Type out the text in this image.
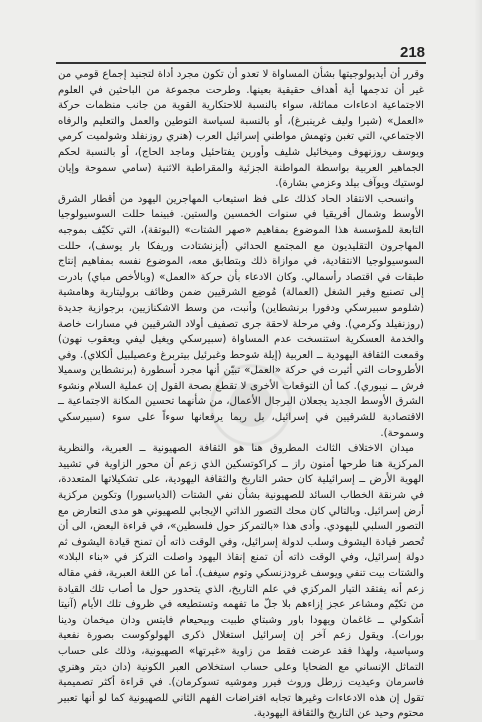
218

وقرر أن أيديولوجيتها بشأن المساواة لا تعدو أن تكون مجرد أداة لتجنيد إجماع قومي من غير أن تدجمها أية أهداف حقيقية بعينها. وطرحت مجموعة من الباحثين في العلوم الاجتماعية ادعاءات مماثلة، سواء بالنسبة للاحتكارية القوية من جانب منظمات حركة «العمل» (شيرا وليف غرينبرغ)، أو بالنسبة لسياسة التوطين والعمل والتعليم والرفاه الاجتماعي، التي تغبن وتهمش مواطني إسرائيل العرب (هنري روزنفلد وشولميت كرمي ويوسف روزنهوف وميخائيل شليف وأورين يفتاحئيل وماجد الحاج)، أو بالنسبة لحكم الجماهير العربية بواسطة المواطنة الجزئية والمقراطية الاثنية (سامي سموحة وإيان لوستيك ويوآف بيلد وعزمي بشارة).

وانسحب الانتقاد الحاد كذلك على فظ استيعاب المهاجرين اليهود من أقطار الشرق الأوسط وشمال أفريقيا في سنوات الخمسين والستين. فبينما حللت السوسيولوجيا التابعة للمؤسسة هذا الموضوع بمفاهيم «صهر الشتات» (البوتقة)، التي تكيّف بموجبه المهاجرون التقليديون مع المجتمع الحداثي (أيزنشتادت وريفكا بار يوسف)، حللت السوسيولوجيا الانتقادية، في موازاة ذلك وبتطابق معه، الموضوع نفسه بمفاهيم إنتاج طبقات في اقتصاد رأسمالي. وكان الادعاء بأن حركة «العمل» (وبالأخص مباي) بادرت إلى تصنيع وفير الشغل (العمالة) مُوضِع الشرقيين ضمن وظائف بروليتارية وهامشية (شلومو سبيرسكي ودفورا برنشطاين) وأنبت، من وسط الاشكنازيين، برجوازية جديدة (روزنفيلد وكرمي). وفي مرحلة لاحقة جرى تصفيف أولاد الشرقيين في مسارات خاصة والخدمة العسكرية استنسخت عدم المساواة (سبيرسكي ويغيل ليفي ويعقوب نهون) وقمعت الثقافة اليهودية ــ العربية (إيلة شوحط وغبرئيل بيتربرغ وعصيلبيل ألكلاي). وفي الأطروحات التي أثيرت في حركة «العمل» تبيّن أنها مجرد أسطورة (برنشطاين وسميلا فرش ــ نيبوري). كما أن التوقعات الأخرى لا تقطع بصحة القول إن عملية السلام ونشوء الشرق الأوسط الجديد يجعلان البرجال الأعمال، من شأنهما تحسين المكانة الاجتماعية ــ الاقتصادية للشرقيين في إسرائيل، بل ربما يرفعانها سوءاً على سوء (سبيرسكي وسموحة).

ميدان الاختلاف الثالث المطروق هنا هو الثقافة الصهيونية ــ العبرية، والنظرية المركزية هنا طرحها أمنون راز ــ كراكوتسكين الذي زعم أن محور الزاوية في تشييد الهوية الأرض ــ إسرائيلية كان حشر التاريخ والثقافة اليهودية، على تشكيلاتها المتعددة، في شرنقة الخطاب السائد للصهيونية بشأن نفي الشتات (الدياسبورا) وتكوين مركزية أرض إسرائيل. وبالتالي كان محك التصور الذاتي الإيجابي للصهيوني هو مدى التعارض مع التصور السلبي لليهودي. وأدى هذا «بالتمركز حول فلسطين»، في قراءة البعض، الى أن تُحصر قيادة اليشوف وسلب لدولة إسرائيل، وفي الوقت ذاته أن تمنح قيادة اليشوف ثم دولة إسرائيل، وفي الوقت ذاته أن تمنع إنقاذ اليهود واصلت التركز في «بناء البلاد» والشتات بيت تنفي ويوسف غرودزنسكي وتوم سيغف). أما عن اللغة العبرية، ففي مقاله زعم أنه يفتقد التيار المركزي في علم التاريخ، الذي يتحدور حول ما أصاب تلك القيادة من تكيّم ومشاعر عجز إزاءهم بلا جلّ ما تفهمه وتستطيعه في ظروف تلك الأيام (آنيتا أشكولي ــ غاغمان ويهودا باور وشبتاي طبيت وبيحيعام فايتس ودان ميخمان ودينا بورات). ويقول زعم آخر إن إسرائيل استغلال ذكرى الهولوكوست بصورة نفعية وسياسية، ولهذا فقد عرضت فقط من زاوية «غيرتها» الصهيونية، وذلك على حساب التماثل الإنساني مع الضحايا وعلى حساب استخلاص العبر الكونية (دان ديتر وهنري فاسرمان وعيديت زرطل وروث فيرر وموشيه تسوكرمان). في قراءة أكثر تصميمية تقول إن هذه الادعاءات وغيرها تجابه افتراضات الفهم الثاني للصهيونية كما لو أنها تعبير محتوم وحيد عن التاريخ والثقافة اليهودية.
